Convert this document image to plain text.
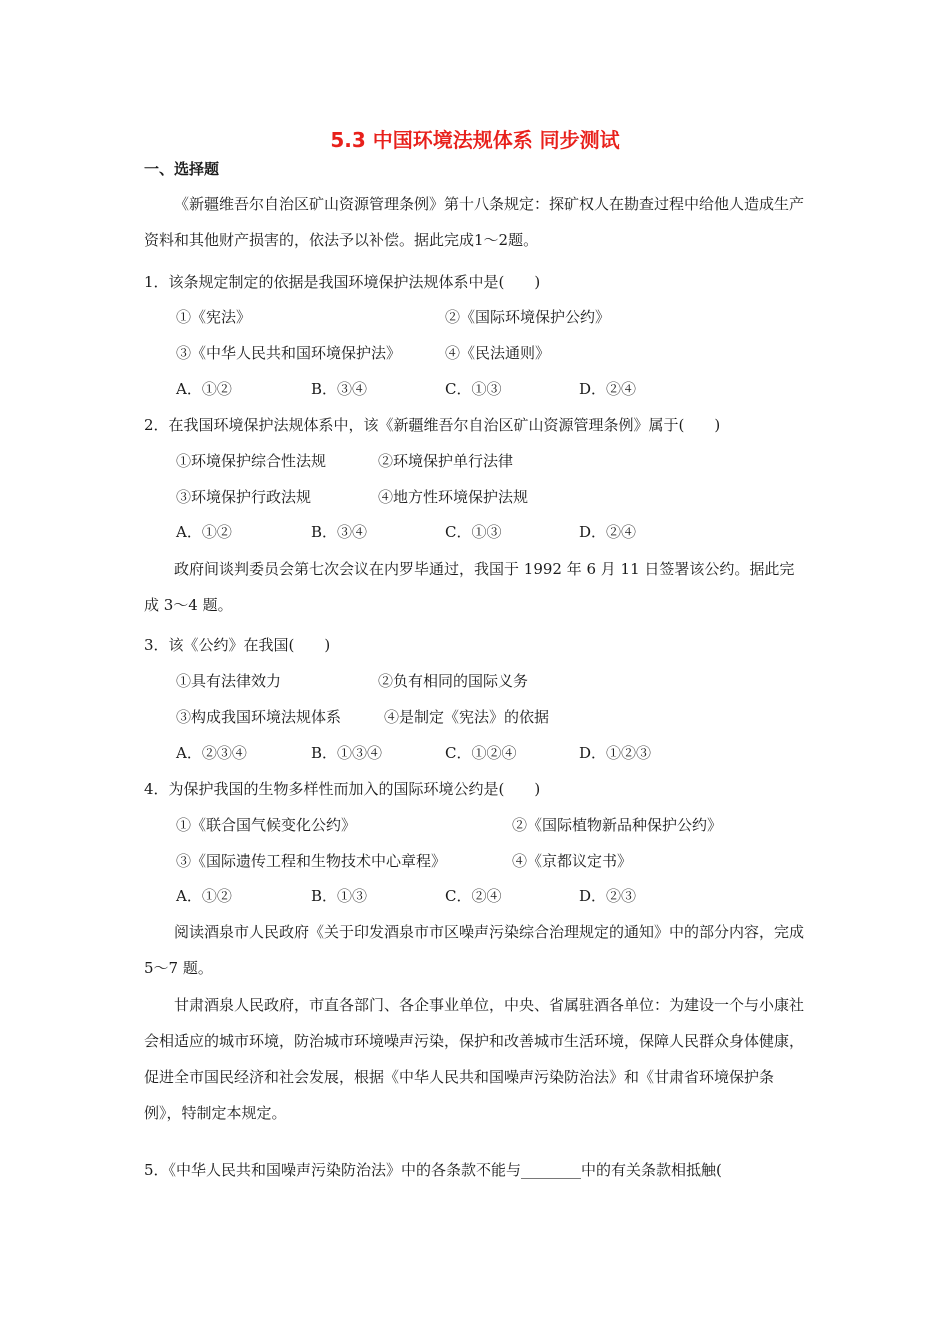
5.3 中国环境法规体系 同步测试
一、选择题
《新疆维吾尔自治区矿山资源管理条例》第十八条规定：探矿权人在勘查过程中给他人造成生产资料和其他财产损害的，依法予以补偿。据此完成1～2题。
1．该条规定制定的依据是我国环境保护法规体系中是(　　)
①《宪法》	②《国际环境保护公约》
③《中华人民共和国环境保护法》	④《民法通则》
A．①②	B．③④	C．①③	D．②④
2．在我国环境保护法规体系中，该《新疆维吾尔自治区矿山资源管理条例》属于(　　)
①环境保护综合性法规	②环境保护单行法律
③环境保护行政法规	④地方性环境保护法规
A．①②	B．③④	C．①③	D．②④
政府间谈判委员会第七次会议在内罗毕通过，我国于 1992 年 6 月 11 日签署该公约。据此完成 3～4 题。
3．该《公约》在我国(　　)
①具有法律效力	②负有相同的国际义务
③构成我国环境法规体系	④是制定《宪法》的依据
A．②③④	B．①③④	C．①②④	D．①②③
4．为保护我国的生物多样性而加入的国际环境公约是(　　)
①《联合国气候变化公约》	②《国际植物新品种保护公约》
③《国际遗传工程和生物技术中心章程》	④《京都议定书》
A．①②	B．①③	C．②④	D．②③
阅读酒泉市人民政府《关于印发酒泉市市区噪声污染综合治理规定的通知》中的部分内容，完成 5～7 题。
甘肃酒泉人民政府，市直各部门、各企事业单位，中央、省属驻酒各单位：为建设一个与小康社会相适应的城市环境，防治城市环境噪声污染，保护和改善城市生活环境，保障人民群众身体健康，促进全市国民经济和社会发展，根据《中华人民共和国噪声污染防治法》和《甘肃省环境保护条例》，特制定本规定。
5．《中华人民共和国噪声污染防治法》中的各条款不能与________中的有关条款相抵触(
